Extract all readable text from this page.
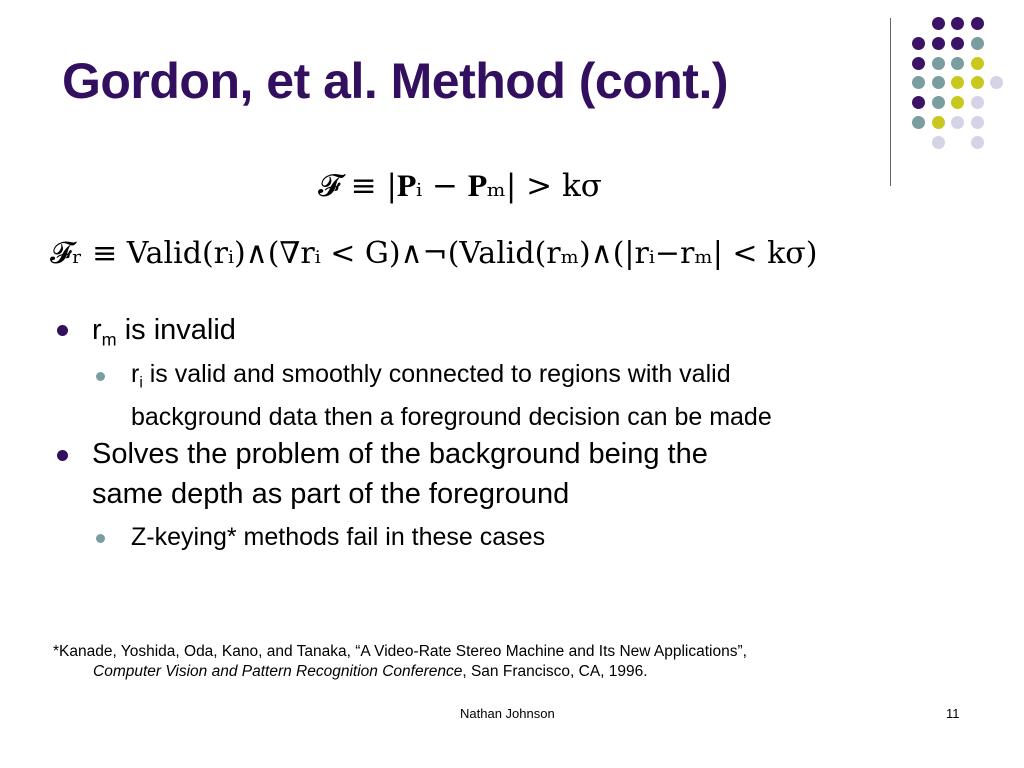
Gordon, et al. Method (cont.)
𝓕 ≡ |𝐏ᵢ − 𝐏ₘ| > kσ
𝓕ᵣ ≡ Valid(rᵢ)∧(∇rᵢ < G)∧¬(Valid(rₘ)∧(|rᵢ−rₘ| < kσ)
$r_m$ is invalid
$r_i$ is valid and smoothly connected to regions with valid
background data then a foreground decision can be made
Solves the problem of the background being the
same depth as part of the foreground
Z-keying* methods fail in these cases
*Kanade, Yoshida, Oda, Kano, and Tanaka, “A Video-Rate Stereo Machine and Its New Applications”,
Computer Vision and Pattern Recognition Conference, San Francisco, CA, 1996.
Nathan Johnson	11
